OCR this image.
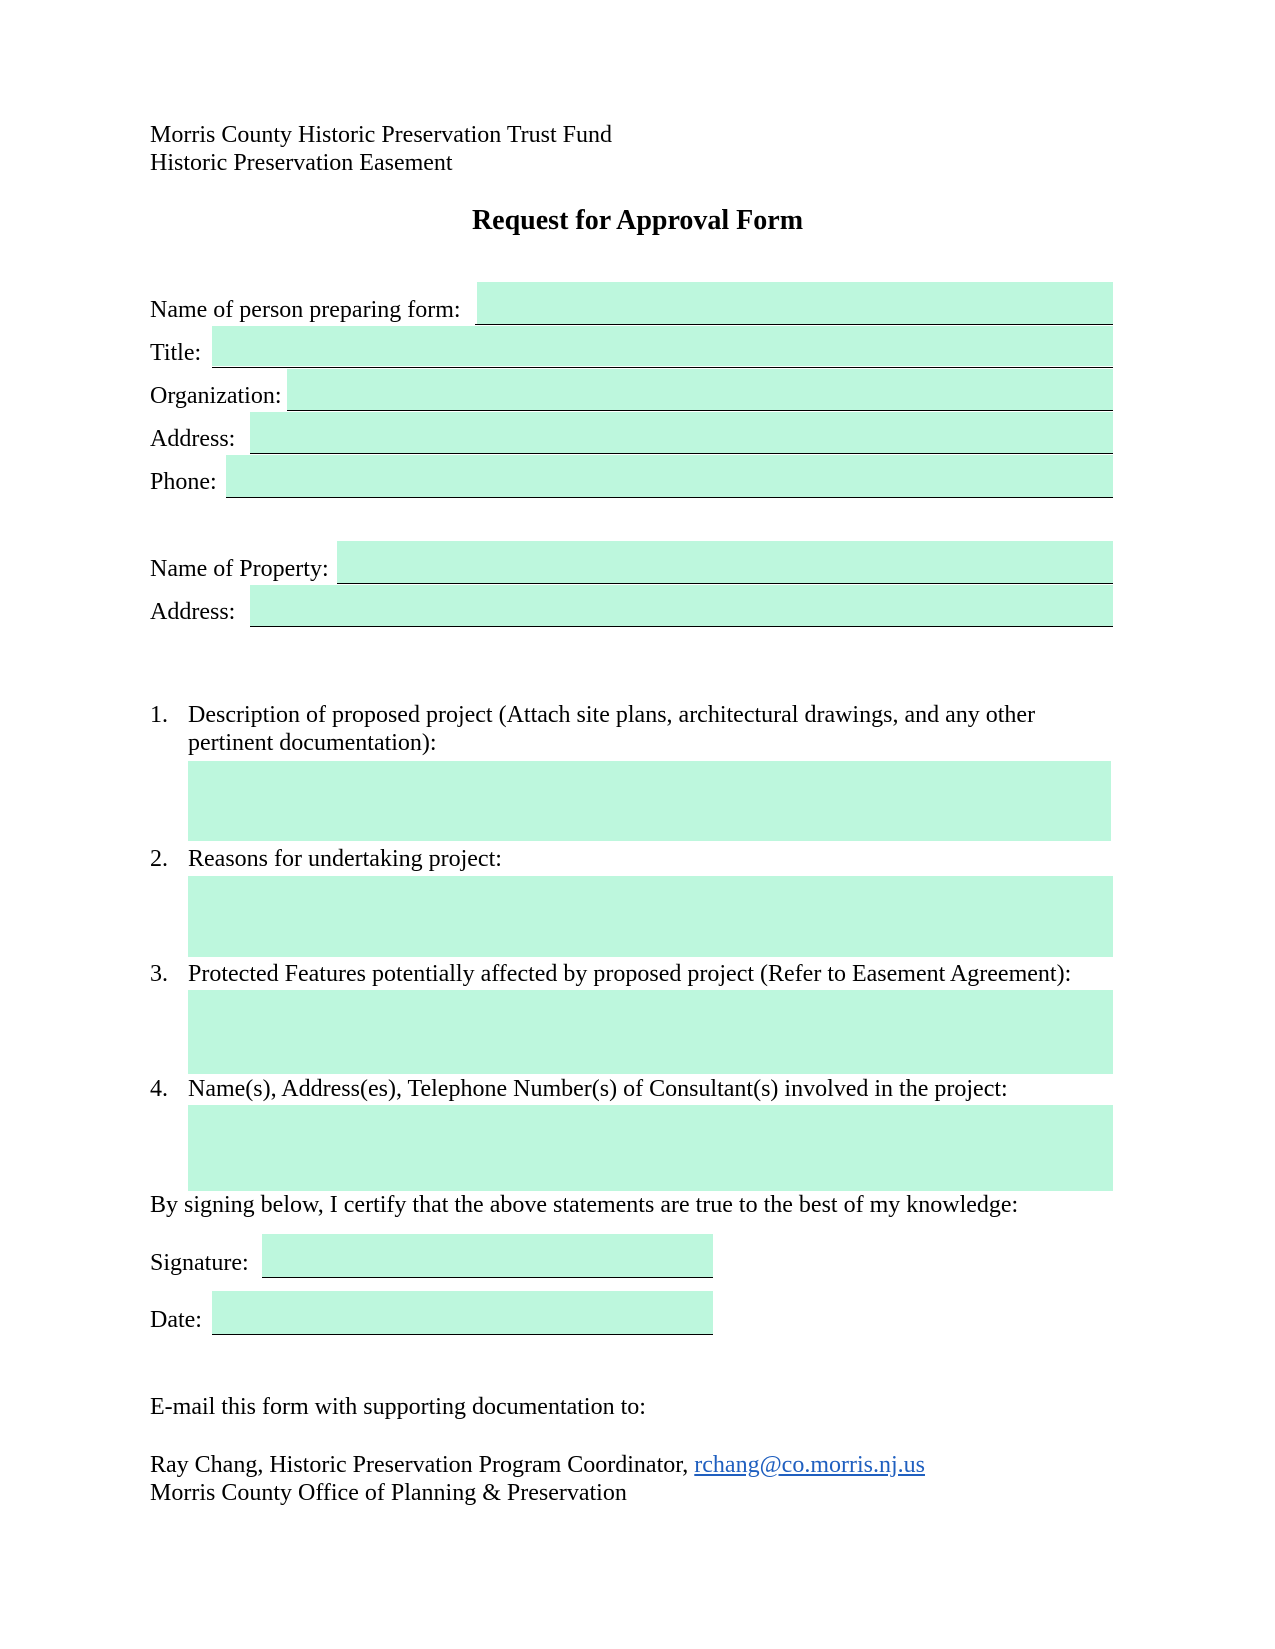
Morris County Historic Preservation Trust Fund
Historic Preservation Easement
Request for Approval Form
Name of person preparing form:
Title:
Organization:
Address:
Phone:
Name of Property:
Address:
1. Description of proposed project (Attach site plans, architectural drawings, and any other pertinent documentation):
2. Reasons for undertaking project:
3. Protected Features potentially affected by proposed project (Refer to Easement Agreement):
4. Name(s), Address(es), Telephone Number(s) of Consultant(s) involved in the project:
By signing below, I certify that the above statements are true to the best of my knowledge:
Signature:
Date:
E-mail this form with supporting documentation to:
Ray Chang, Historic Preservation Program Coordinator, rchang@co.morris.nj.us
Morris County Office of Planning & Preservation
